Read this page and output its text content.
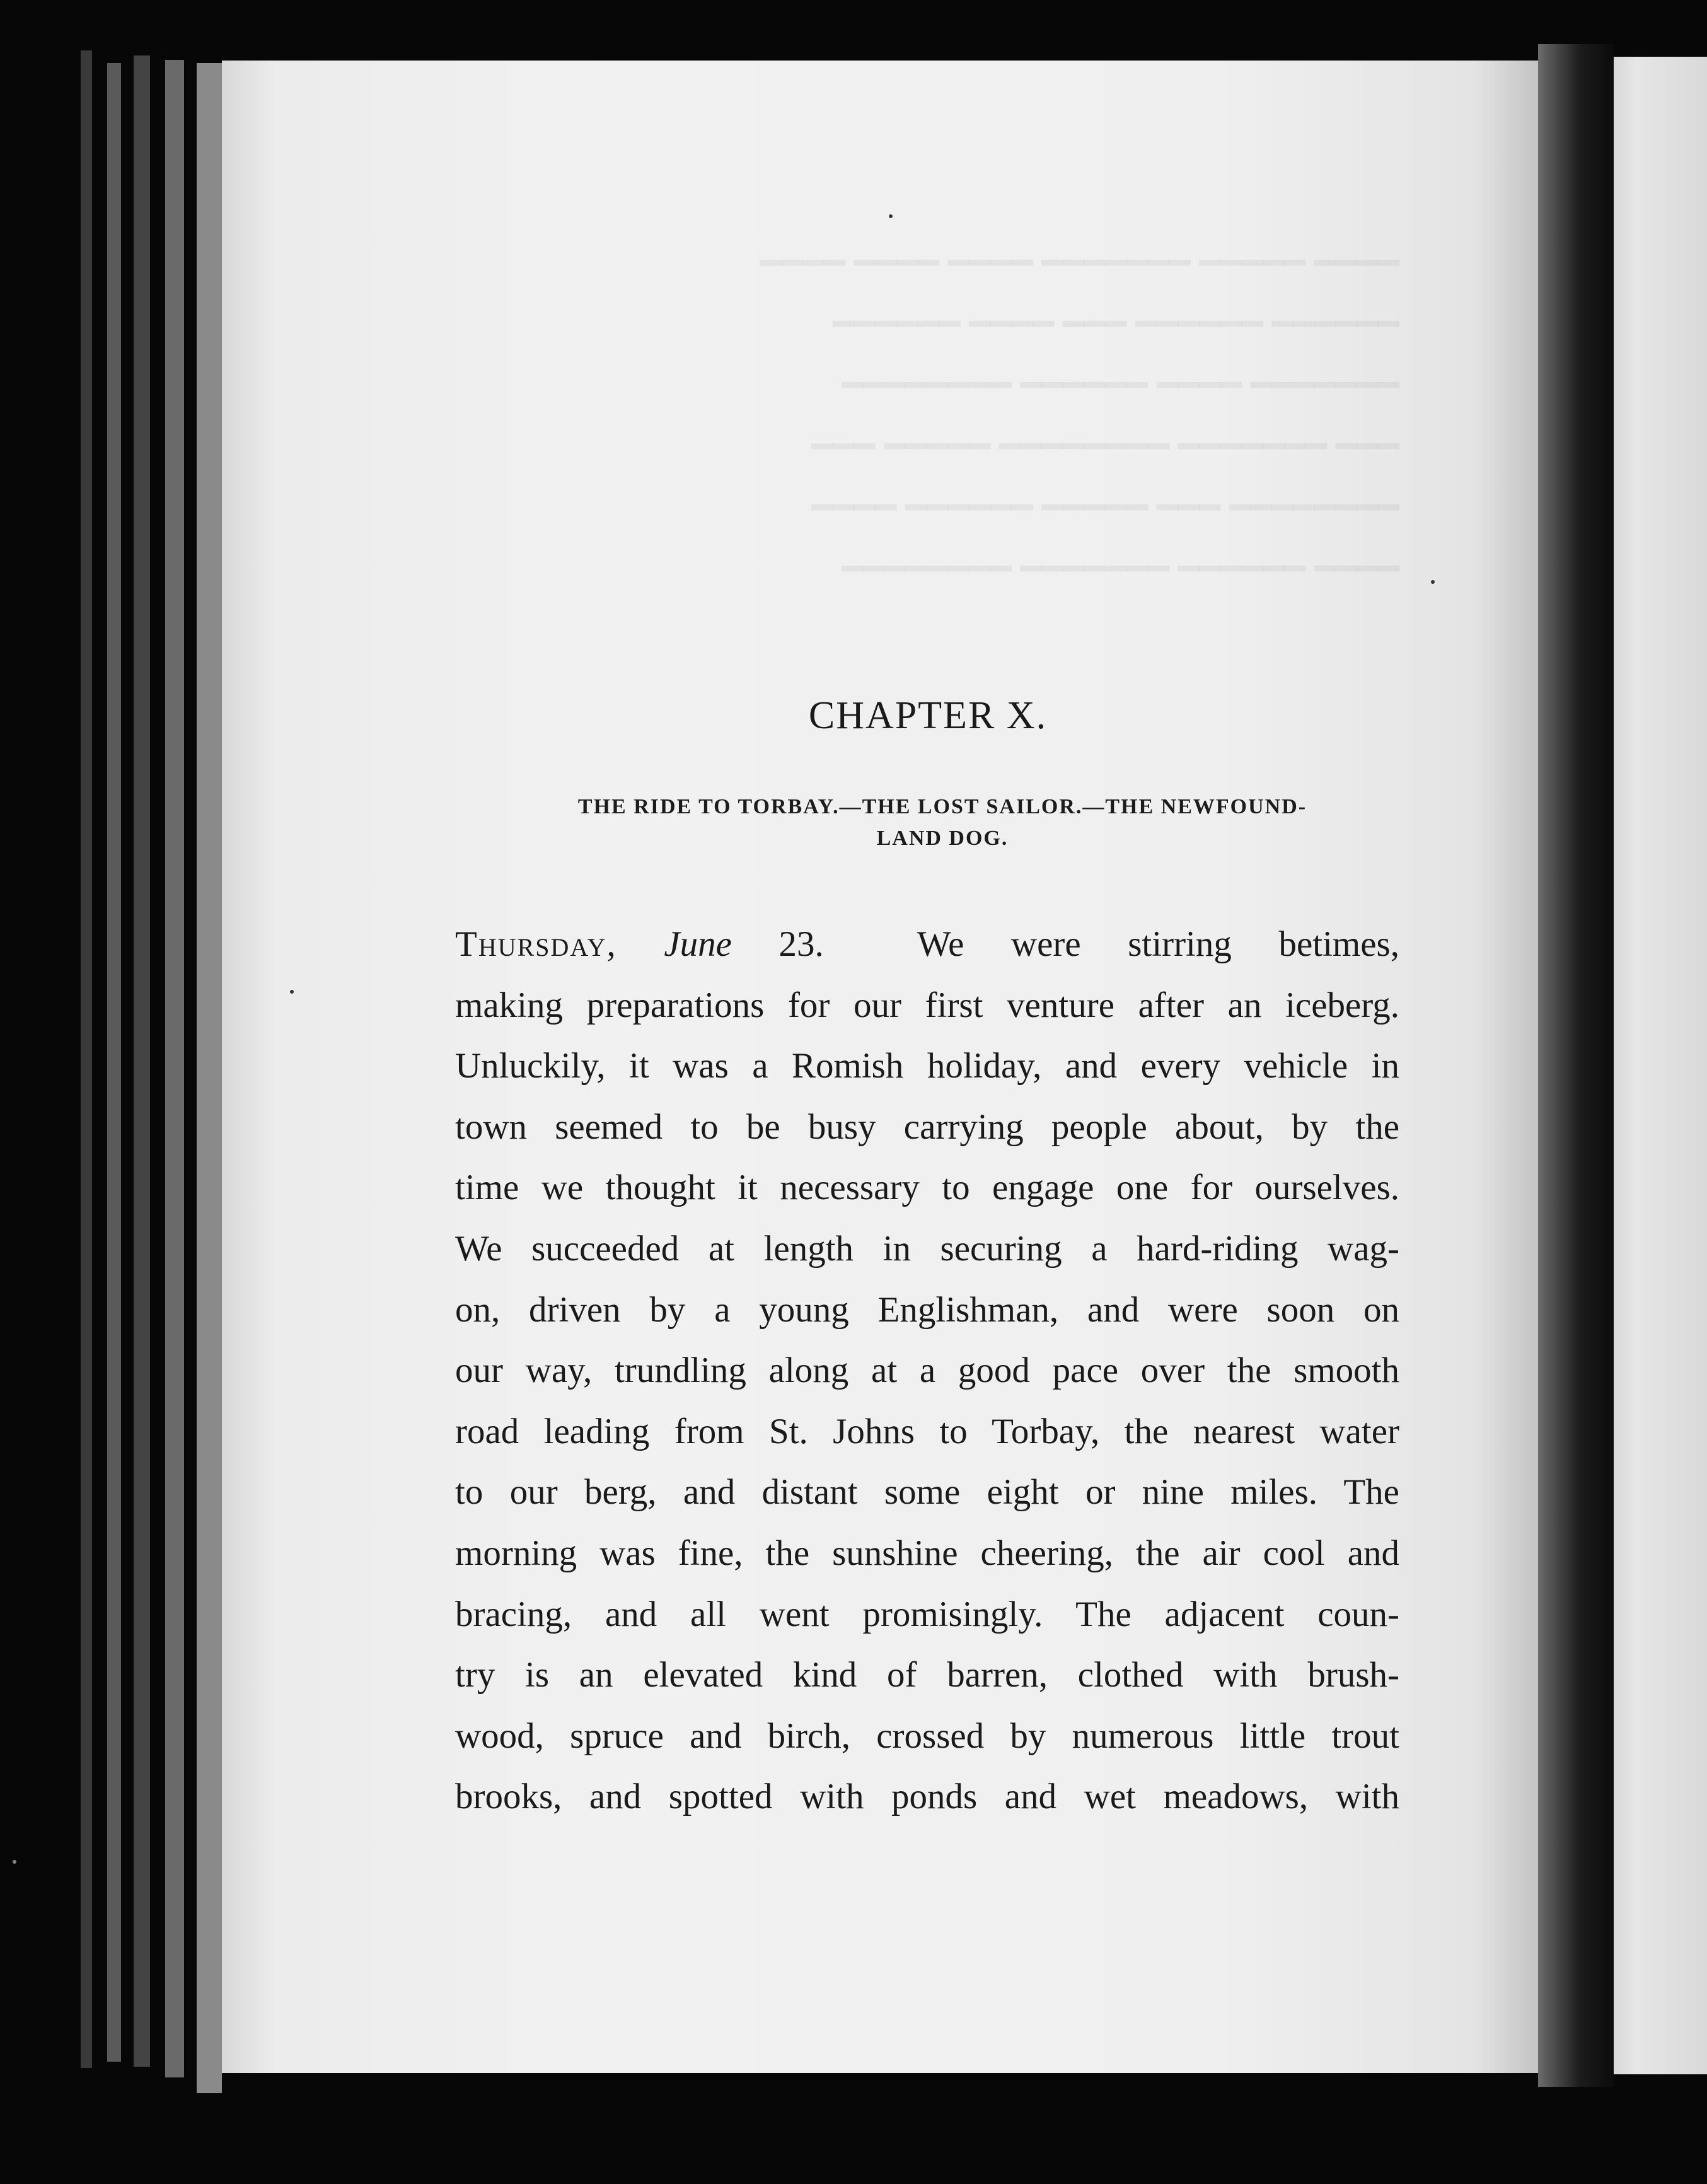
CHAPTER X.
THE RIDE TO TORBAY.—THE LOST SAILOR.—THE NEWFOUND-
LAND DOG.
Thursday, June 23.	We were stirring betimes,
making preparations for our first venture after an iceberg.
Unluckily, it was a Romish holiday, and every vehicle in
town seemed to be busy carrying people about, by the
time we thought it necessary to engage one for ourselves.
We succeeded at length in securing a hard-riding wag-
on, driven by a young Englishman, and were soon on
our way, trundling along at a good pace over the smooth
road leading from St. Johns to Torbay, the nearest water
to our berg, and distant some eight or nine miles. The
morning was fine, the sunshine cheering, the air cool and
bracing, and all went promisingly. The adjacent coun-
try is an elevated kind of barren, clothed with brush-
wood, spruce and birch, crossed by numerous little trout
brooks, and spotted with ponds and wet meadows, with
